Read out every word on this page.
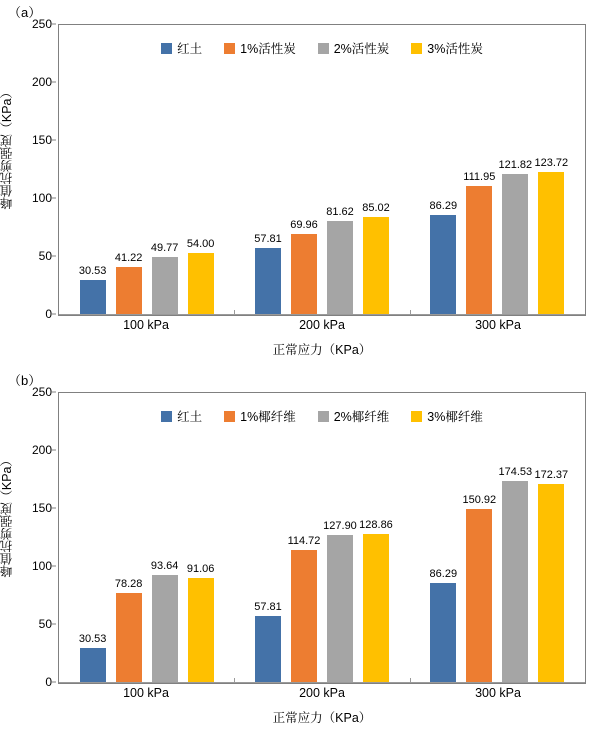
（a）
峰值抗剪强度（KPa）
0
50
100
150
200
250
红土	1%活性炭	2%活性炭	3%活性炭
30.53
41.22
49.77 54.00	57.81
69.96
81.62 85.02	86.29
111.95
121.82 123.72
100 kPa	200 kPa	300 kPa
正常应力（KPa）
（b）
峰值抗剪强度（KPa）
0
50
100
150
200
250
红土	1%椰纤维	2%椰纤维	3%椰纤维
30.53
78.28
93.64 91.06
57.81
114.72
127.90 128.86
86.29
150.92
174.53 172.37
100 kPa	200 kPa	300 kPa
正常应力（KPa）
